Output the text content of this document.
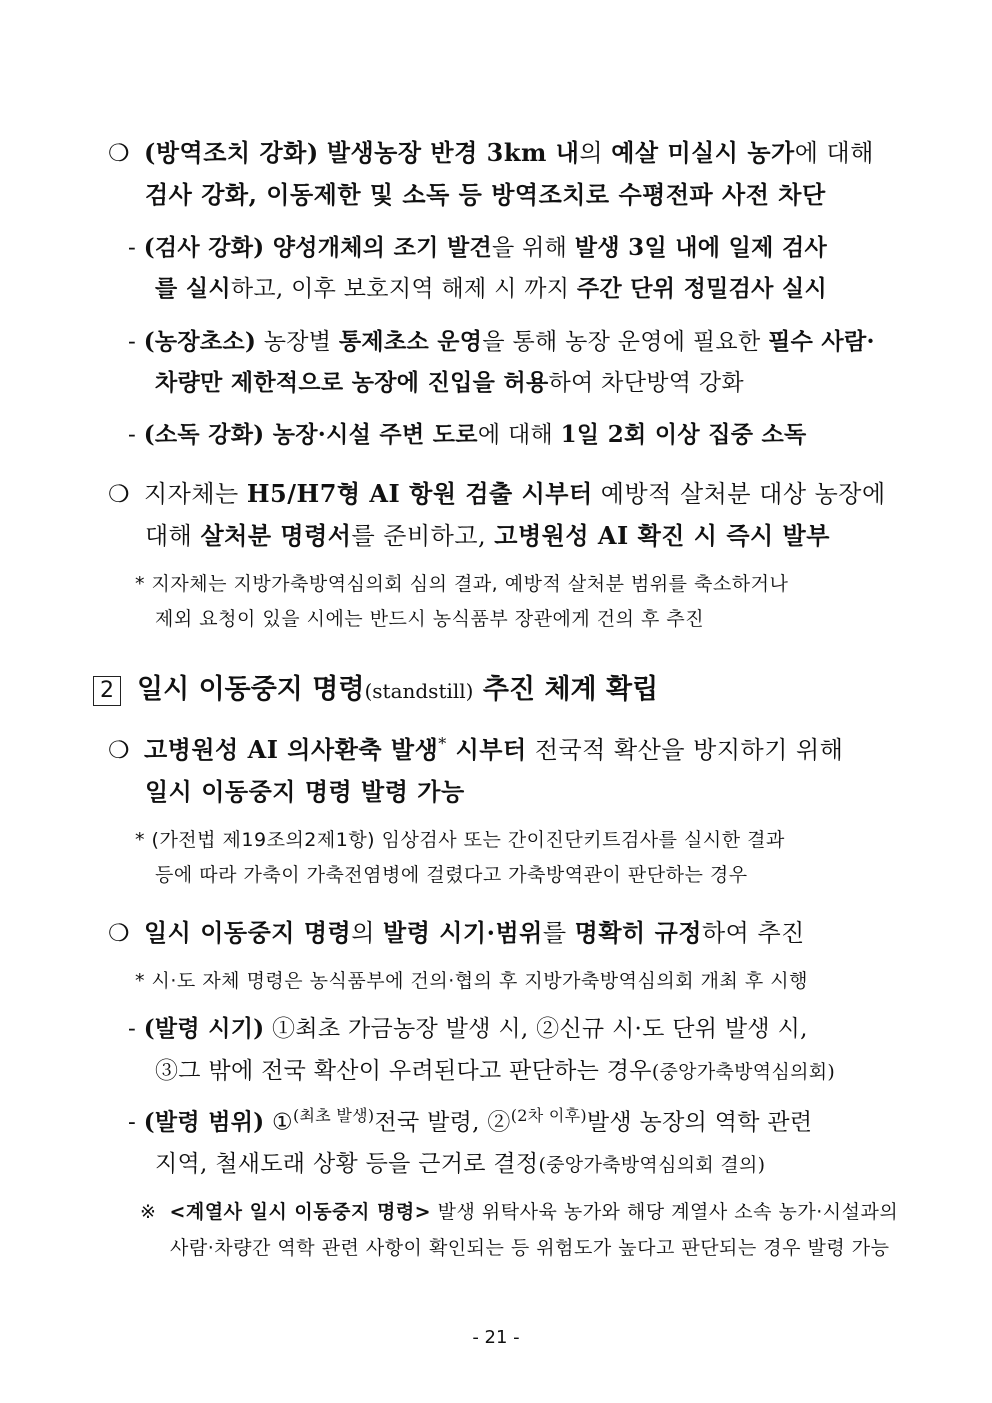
❍ (방역조치 강화) 발생농장 반경 3km 내의 예살 미실시 농가에 대해
검사 강화, 이동제한 및 소독 등 방역조치로 수평전파 사전 차단
- (검사 강화) 양성개체의 조기 발견을 위해 발생 3일 내에 일제 검사
를 실시하고, 이후 보호지역 해제 시 까지 주간 단위 정밀검사 실시
- (농장초소) 농장별 통제초소 운영을 통해 농장 운영에 필요한 필수 사람·
차량만 제한적으로 농장에 진입을 허용하여 차단방역 강화
- (소독 강화) 농장·시설 주변 도로에 대해 1일 2회 이상 집중 소독
❍ 지자체는 H5/H7형 AI 항원 검출 시부터 예방적 살처분 대상 농장에
대해 살처분 명령서를 준비하고, 고병원성 AI 확진 시 즉시 발부
* 지자체는 지방가축방역심의회 심의 결과, 예방적 살처분 범위를 축소하거나
제외 요청이 있을 시에는 반드시 농식품부 장관에게 건의 후 추진
2 일시 이동중지 명령(standstill) 추진 체계 확립
❍ 고병원성 AI 의사환축 발생* 시부터 전국적 확산을 방지하기 위해
일시 이동중지 명령 발령 가능
* (가전법 제19조의2제1항) 임상검사 또는 간이진단키트검사를 실시한 결과
등에 따라 가축이 가축전염병에 걸렸다고 가축방역관이 판단하는 경우
❍ 일시 이동중지 명령의 발령 시기·범위를 명확히 규정하여 추진
* 시·도 자체 명령은 농식품부에 건의·협의 후 지방가축방역심의회 개최 후 시행
- (발령 시기) ①최초 가금농장 발생 시, ②신규 시·도 단위 발생 시,
③그 밖에 전국 확산이 우려된다고 판단하는 경우(중앙가축방역심의회)
- (발령 범위) ①$^{(최초 발생)}$전국 발령, ②$^{(2차 이후)}$발생 농장의 역학 관련
지역, 철새도래 상황 등을 근거로 결정(중앙가축방역심의회 결의)
※ <계열사 일시 이동중지 명령> 발생 위탁사육 농가와 해당 계열사 소속 농가·시설과의
사람·차량간 역학 관련 사항이 확인되는 등 위험도가 높다고 판단되는 경우 발령 가능
- 21 -
